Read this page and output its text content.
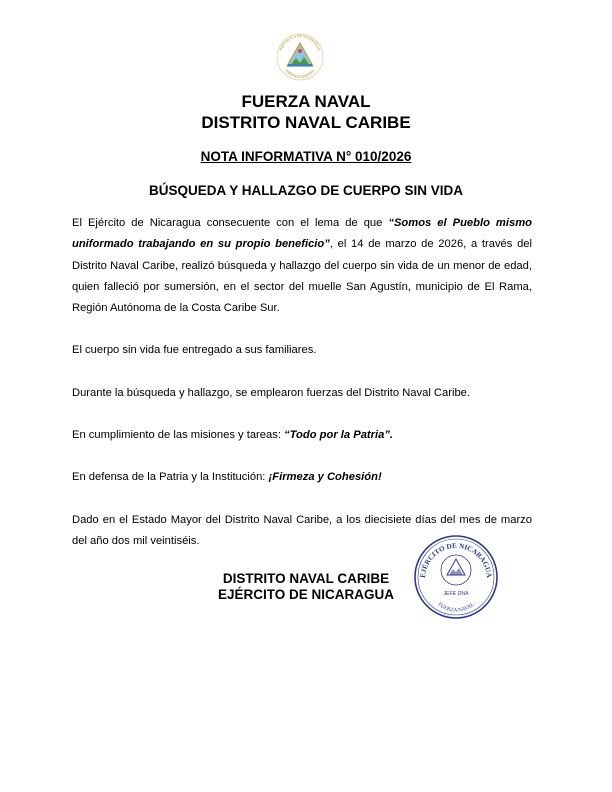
REPUBLICA DE NICARAGUA
AMERICA CENTRAL
FUERZA NAVAL
DISTRITO NAVAL CARIBE
NOTA INFORMATIVA N° 010/2026
BÚSQUEDA Y HALLAZGO DE CUERPO SIN VIDA

El Ejército de Nicaragua consecuente con el lema de que “Somos el Pueblo mismo uniformado trabajando en su propio beneficio”, el 14 de marzo de 2026, a través del Distrito Naval Caribe, realizó búsqueda y hallazgo del cuerpo sin vida de un menor de edad, quien falleció por sumersión, en el sector del muelle San Agustín, municipio de El Rama, Región Autónoma de la Costa Caribe Sur.

El cuerpo sin vida fue entregado a sus familiares.

Durante la búsqueda y hallazgo, se emplearon fuerzas del Distrito Naval Caribe.

En cumplimiento de las misiones y tareas: “Todo por la Patria”.

En defensa de la Patria y la Institución: ¡Firmeza y Cohesión!

Dado en el Estado Mayor del Distrito Naval Caribe, a los diecisiete días del mes de marzo del año dos mil veintiséis.

DISTRITO NAVAL CARIBE
EJÉRCITO DE NICARAGUA
EJÉRCITO DE NICARAGUA
JEFE DNA
FUERZA NAVAL
